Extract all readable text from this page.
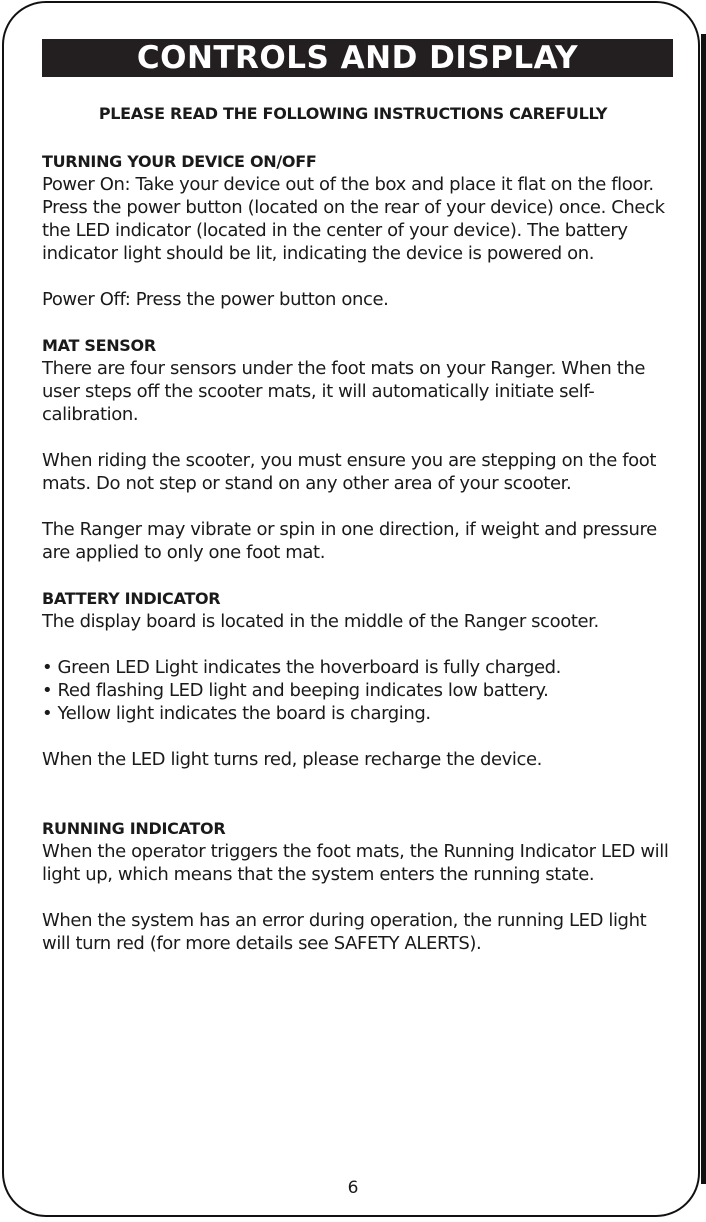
CONTROLS AND DISPLAY
PLEASE READ THE FOLLOWING INSTRUCTIONS CAREFULLY
TURNING YOUR DEVICE ON/OFF

Power On: Take your device out of the box and place it flat on the floor. Press the power button (located on the rear of your device) once. Check the LED indicator (located in the center of your device). The battery indicator light should be lit, indicating the device is powered on.

Power Off: Press the power button once.

MAT SENSOR

There are four sensors under the foot mats on your Ranger. When the user steps off the scooter mats, it will automatically initiate self-calibration.

When riding the scooter, you must ensure you are stepping on the foot mats. Do not step or stand on any other area of your scooter.

The Ranger may vibrate or spin in one direction, if weight and pressure are applied to only one foot mat.

BATTERY INDICATOR

The display board is located in the middle of the Ranger scooter.

• Green LED Light indicates the hoverboard is fully charged.
• Red flashing LED light and beeping indicates low battery.
• Yellow light indicates the board is charging.

When the LED light turns red, please recharge the device.

RUNNING INDICATOR

When the operator triggers the foot mats, the Running Indicator LED will light up, which means that the system enters the running state.

When the system has an error during operation, the running LED light will turn red (for more details see SAFETY ALERTS).

6
